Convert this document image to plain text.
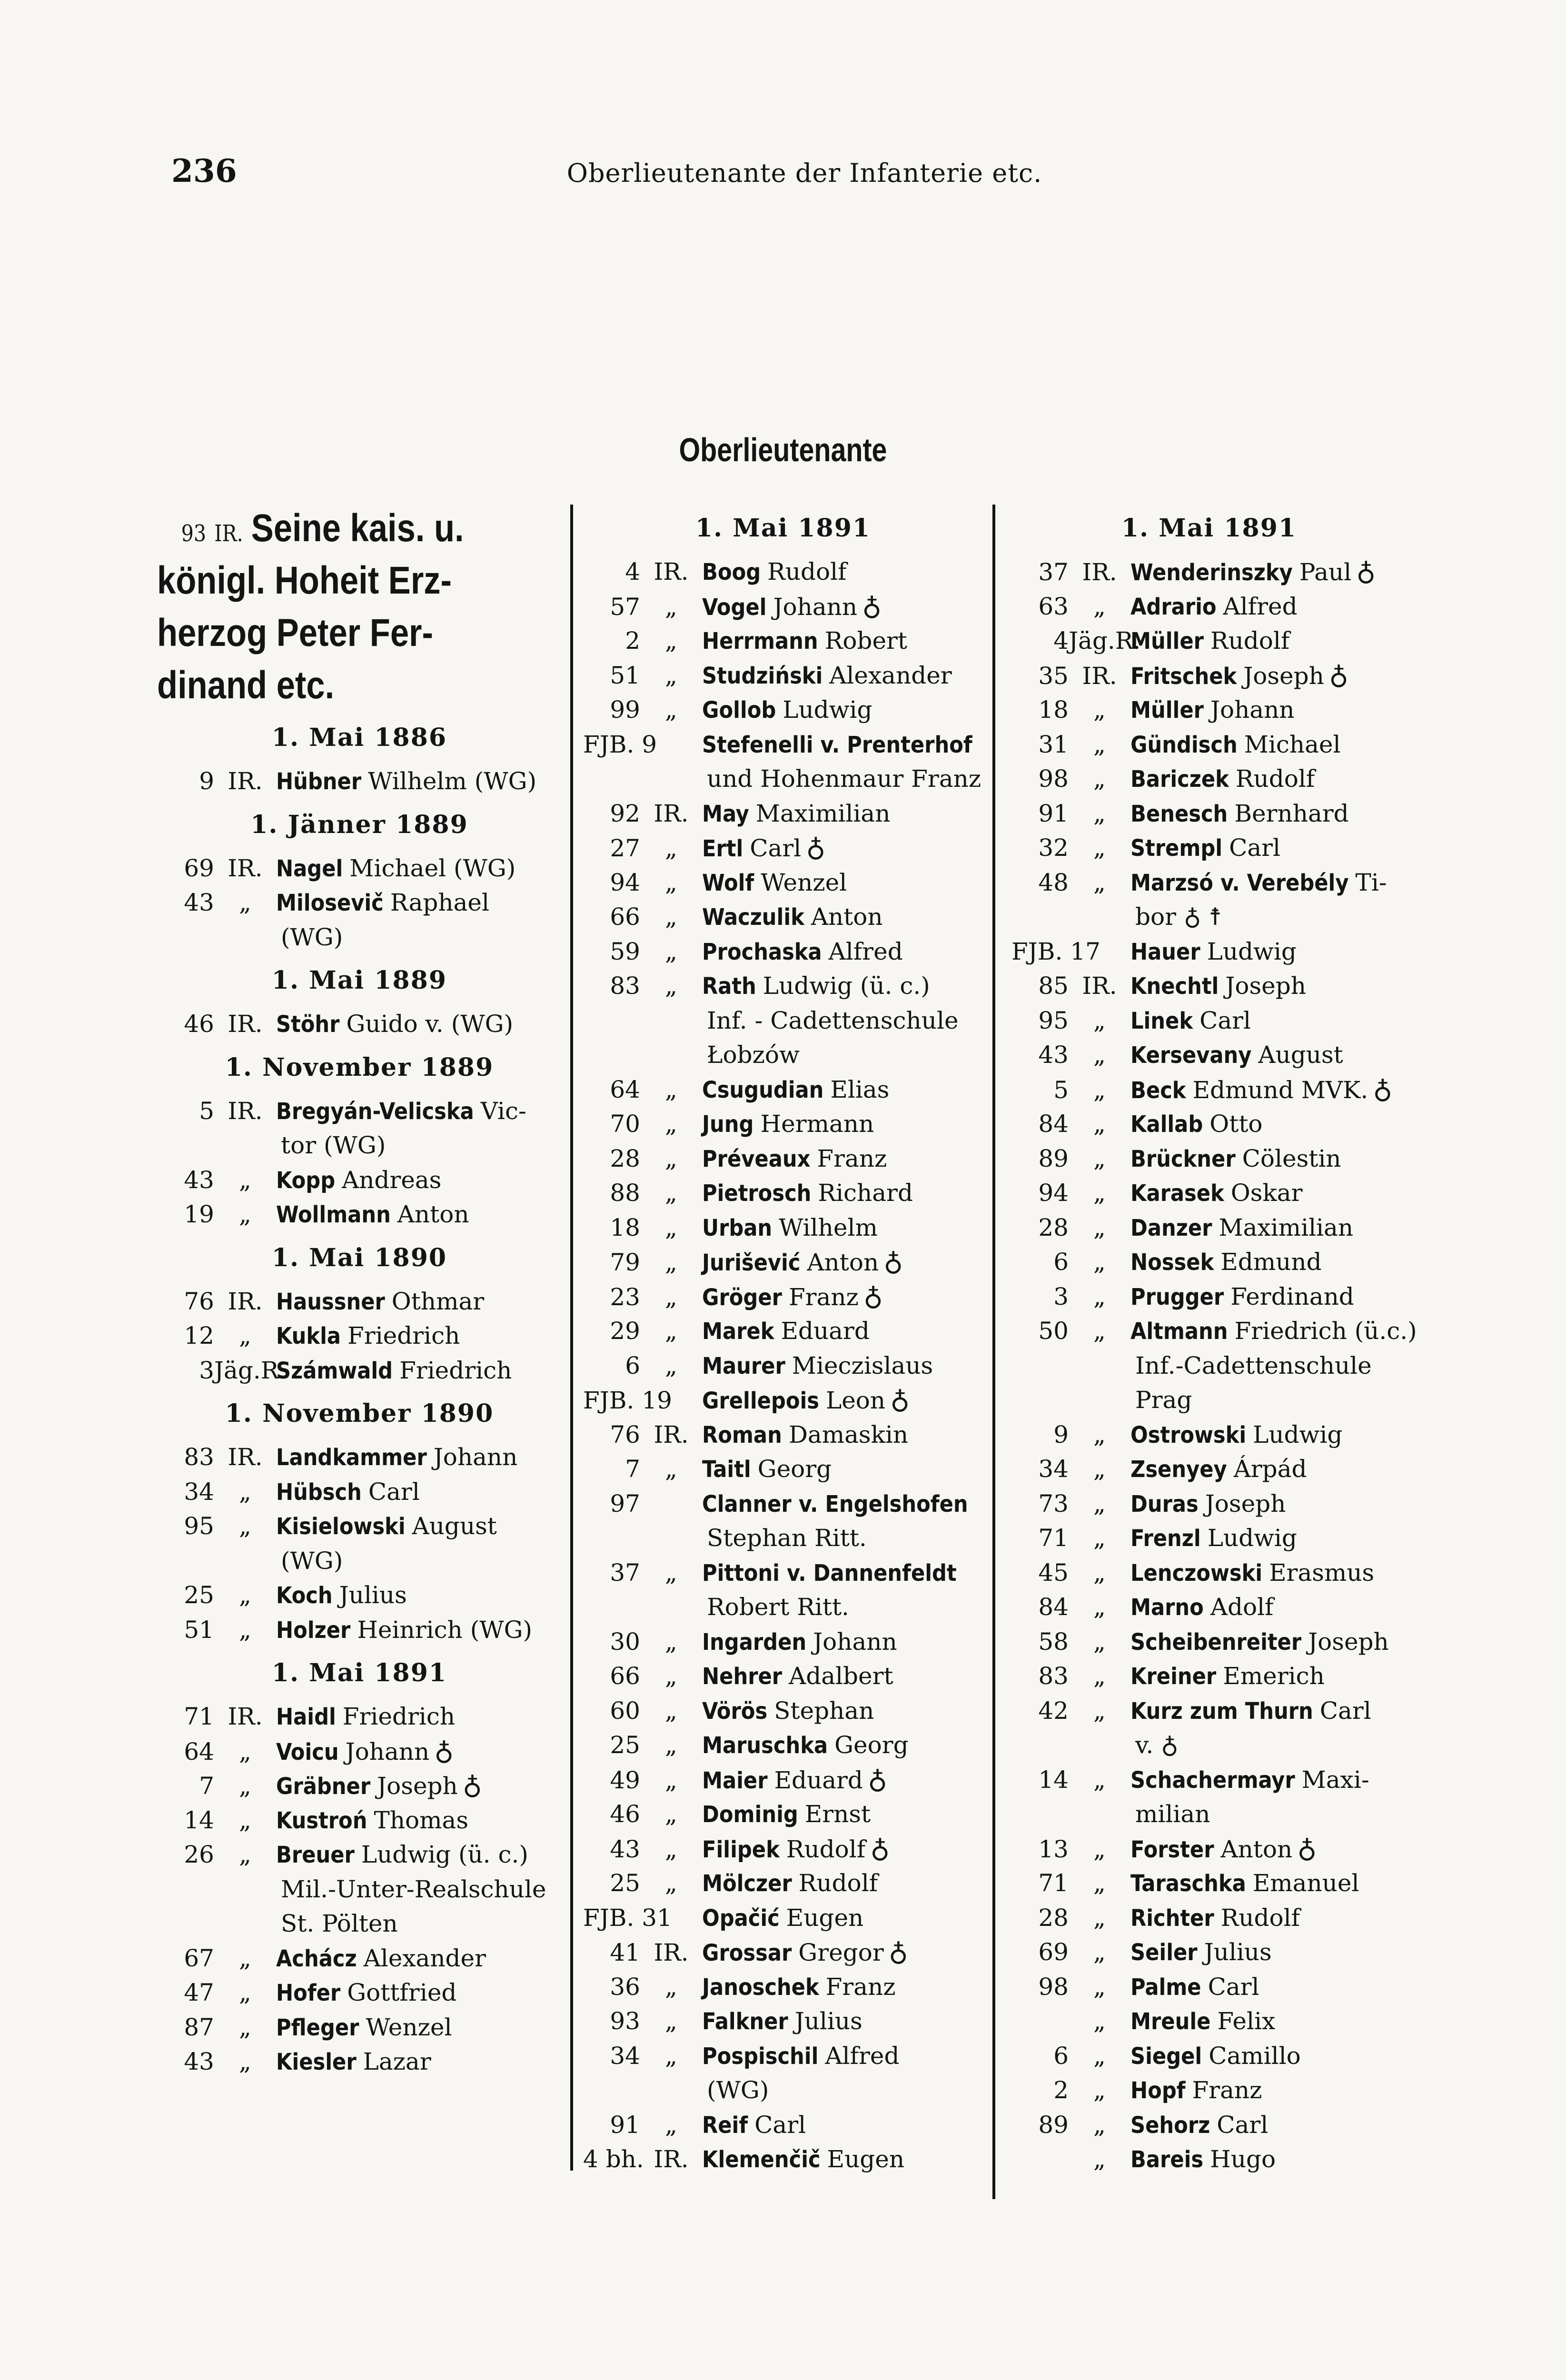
236	Oberlieutenante der Infanterie etc.
Oberlieutenante
93 IR. Seine kais. u.
königl. Hoheit Erz-
herzog Peter Fer-
dinand etc.
1. Mai 1886
9 IR. Hübner Wilhelm (WG)
1. Jänner 1889
69 IR. Nagel Michael (WG)
43 „ Milosevič Raphael
(WG)
1. Mai 1889
46 IR. Stöhr Guido v. (WG)
1. November 1889
5 IR. Bregyán-Velicska Vic-
tor (WG)
43 „ Kopp Andreas
19 „ Wollmann Anton
1. Mai 1890
76 IR. Haussner Othmar
12 „ Kukla Friedrich
3Jäg.R.Számwald Friedrich
1. November 1890
83 IR. Landkammer Johann
34 „ Hübsch Carl
95 „ Kisielowski August
(WG)
25 „ Koch Julius
51 „ Holzer Heinrich (WG)
1. Mai 1891
71 IR. Haidl Friedrich
64 „ Voicu Johann ♁
7 „ Gräbner Joseph ♁
14 „ Kustroń Thomas
26 „ Breuer Ludwig (ü. c.)
Mil.-Unter-Realschule
St. Pölten
67 „ Achácz Alexander
47 „ Hofer Gottfried
87 „ Pfleger Wenzel
43 „ Kiesler Lazar
1. Mai 1891
4 IR. Boog Rudolf
57 „ Vogel Johann ♁
2 „ Herrmann Robert
51 „ Studziński Alexander
99 „ Gollob Ludwig
FJB. 9 Stefenelli v. Prenterhof
und Hohenmaur Franz
92 IR. May Maximilian
27 „ Ertl Carl ♁
94 „ Wolf Wenzel
66 „ Waczulik Anton
59 „ Prochaska Alfred
83 „ Rath Ludwig (ü. c.)
Inf. - Cadettenschule
Łobzów
64 „ Csugudian Elias
70 „ Jung Hermann
28 „ Préveaux Franz
88 „ Pietrosch Richard
18 „ Urban Wilhelm
79 „ Jurišević Anton ♁
23 „ Gröger Franz ♁
29 „ Marek Eduard
6 „ Maurer Mieczislaus
FJB. 19 Grellepois Leon ♁
76 IR. Roman Damaskin
7 „ Taitl Georg
97	Clanner v. Engelshofen
Stephan Ritt.
37 „ Pittoni v. Dannenfeldt
Robert Ritt.
30 „ Ingarden Johann
66 „ Nehrer Adalbert
60 „ Vörös Stephan
25 „ Maruschka Georg
49 „ Maier Eduard ♁
46 „ Dominig Ernst
43 „ Filipek Rudolf ♁
25 „ Mölczer Rudolf
FJB. 31 Opačić Eugen
41 IR. Grossar Gregor ♁
36 „ Janoschek Franz
93 „ Falkner Julius
34 „ Pospischil Alfred
(WG)
91 „ Reif Carl
4 bh. IR. Klemenčič Eugen
1. Mai 1891
37 IR. Wenderinszky Paul ♁
63 „ Adrario Alfred
4Jäg.R.Müller Rudolf
35 IR. Fritschek Joseph ♁
18 „ Müller Johann
31 „ Gündisch Michael
98 „ Bariczek Rudolf
91 „ Benesch Bernhard
32 „ Strempl Carl
48 „ Marzsó v. Verebély Ti-
bor ♁ ☨
FJB. 17 Hauer Ludwig
85 IR. Knechtl Joseph
95 „ Linek Carl
43 „ Kersevany August
5 „ Beck Edmund MVK. ♁
84 „ Kallab Otto
89 „ Brückner Cölestin
94 „ Karasek Oskar
28 „ Danzer Maximilian
6 „ Nossek Edmund
3 „ Prugger Ferdinand
50 „ Altmann Friedrich (ü.c.)
Inf.-Cadettenschule
Prag
9 „ Ostrowski Ludwig
34 „ Zsenyey Árpád
73 „ Duras Joseph
71 „ Frenzl Ludwig
45 „ Lenczowski Erasmus
84 „ Marno Adolf
58 „ Scheibenreiter Joseph
83 „ Kreiner Emerich
42 „ Kurz zum Thurn Carl
v. ♁
14 „ Schachermayr Maxi-
milian
13 „ Forster Anton ♁
71 „ Taraschka Emanuel
28 „ Richter Rudolf
69 „ Seiler Julius
98 „ Palme Carl
„ Mreule Felix
6 „ Siegel Camillo
2 „ Hopf Franz
89 „ Sehorz Carl
„ Bareis Hugo
